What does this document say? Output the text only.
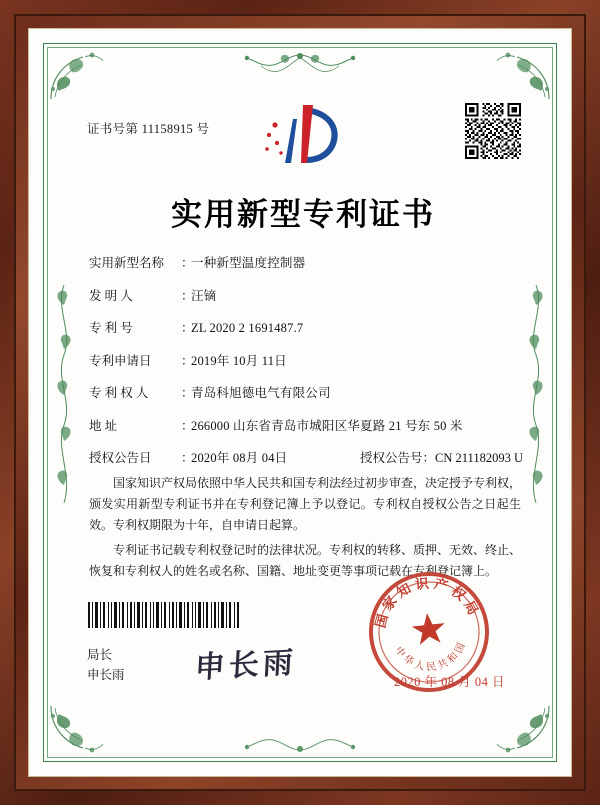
证书号第 11158915 号
实用新型专利证书
实用新型名称	：
一种新型温度控制器
发 明 人	：
汪镝
专 利 号	：
ZL 2020 2 1691487.7
专利申请日	：
2019年 10月 11日
专 利 权 人	：
青岛科旭德电气有限公司
地 址	：
266000 山东省青岛市城阳区华夏路 21 号东 50 米
授权公告日	：
2020年 08月 04日	授权公告号 ： CN 211182093 U

国家知识产权局依照中华人民共和国专利法经过初步审查，决定授予专利权，颁发实用新型专利证书并在专利登记簿上予以登记。专利权自授权公告之日起生效。专利权期限为十年，自申请日起算。

专利证书记载专利权登记时的法律状况。专利权的转移、质押、无效、终止、恢复和专利权人的姓名或名称、国籍、地址变更等事项记载在专利登记簿上。

局长
申长雨 申长雨
国家知识产权局
中华人民共和国
2020 年 08 月 04 日
